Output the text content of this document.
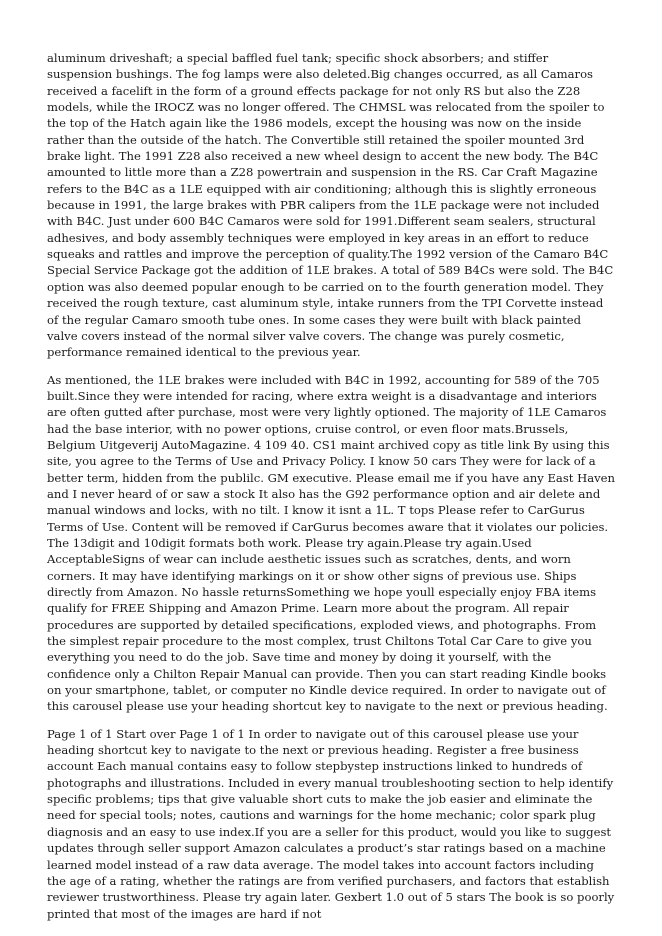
aluminum driveshaft; a special baffled fuel tank; specific shock absorbers; and stiffer suspension bushings. The fog lamps were also deleted.Big changes occurred, as all Camaros received a facelift in the form of a ground effects package for not only RS but also the Z28 models, while the IROCZ was no longer offered. The CHMSL was relocated from the spoiler to the top of the Hatch again like the 1986 models, except the housing was now on the inside rather than the outside of the hatch. The Convertible still retained the spoiler mounted 3rd brake light. The 1991 Z28 also received a new wheel design to accent the new body. The B4C amounted to little more than a Z28 powertrain and suspension in the RS. Car Craft Magazine refers to the B4C as a 1LE equipped with air conditioning; although this is slightly erroneous because in 1991, the large brakes with PBR calipers from the 1LE package were not included with B4C. Just under 600 B4C Camaros were sold for 1991.Different seam sealers, structural adhesives, and body assembly techniques were employed in key areas in an effort to reduce squeaks and rattles and improve the perception of quality.The 1992 version of the Camaro B4C Special Service Package got the addition of 1LE brakes. A total of 589 B4Cs were sold. The B4C option was also deemed popular enough to be carried on to the fourth generation model. They received the rough texture, cast aluminum style, intake runners from the TPI Corvette instead of the regular Camaro smooth tube ones. In some cases they were built with black painted valve covers instead of the normal silver valve covers. The change was purely cosmetic, performance remained identical to the previous year.

As mentioned, the 1LE brakes were included with B4C in 1992, accounting for 589 of the 705 built.Since they were intended for racing, where extra weight is a disadvantage and interiors are often gutted after purchase, most were very lightly optioned. The majority of 1LE Camaros had the base interior, with no power options, cruise control, or even floor mats.Brussels, Belgium Uitgeverij AutoMagazine. 4 109 40. CS1 maint archived copy as title link By using this site, you agree to the Terms of Use and Privacy Policy. I know 50 cars They were for lack of a better term, hidden from the publilc. GM executive. Please email me if you have any East Haven and I never heard of or saw a stock It also has the G92 performance option and air delete and manual windows and locks, with no tilt. I know it isnt a 1L. T tops Please refer to CarGurus Terms of Use. Content will be removed if CarGurus becomes aware that it violates our policies. The 13digit and 10digit formats both work. Please try again.Please try again.Used AcceptableSigns of wear can include aesthetic issues such as scratches, dents, and worn corners. It may have identifying markings on it or show other signs of previous use. Ships directly from Amazon. No hassle returnsSomething we hope youll especially enjoy FBA items qualify for FREE Shipping and Amazon Prime. Learn more about the program. All repair procedures are supported by detailed specifications, exploded views, and photographs. From the simplest repair procedure to the most complex, trust Chiltons Total Car Care to give you everything you need to do the job. Save time and money by doing it yourself, with the confidence only a Chilton Repair Manual can provide. Then you can start reading Kindle books on your smartphone, tablet, or computer no Kindle device required. In order to navigate out of this carousel please use your heading shortcut key to navigate to the next or previous heading.

Page 1 of 1 Start over Page 1 of 1 In order to navigate out of this carousel please use your heading shortcut key to navigate to the next or previous heading. Register a free business account Each manual contains easy to follow stepbystep instructions linked to hundreds of photographs and illustrations. Included in every manual troubleshooting section to help identify specific problems; tips that give valuable short cuts to make the job easier and eliminate the need for special tools; notes, cautions and warnings for the home mechanic; color spark plug diagnosis and an easy to use index.If you are a seller for this product, would you like to suggest updates through seller support Amazon calculates a product’s star ratings based on a machine learned model instead of a raw data average. The model takes into account factors including the age of a rating, whether the ratings are from verified purchasers, and factors that establish reviewer trustworthiness. Please try again later. Gexbert 1.0 out of 5 stars The book is so poorly printed that most of the images are hard if not
